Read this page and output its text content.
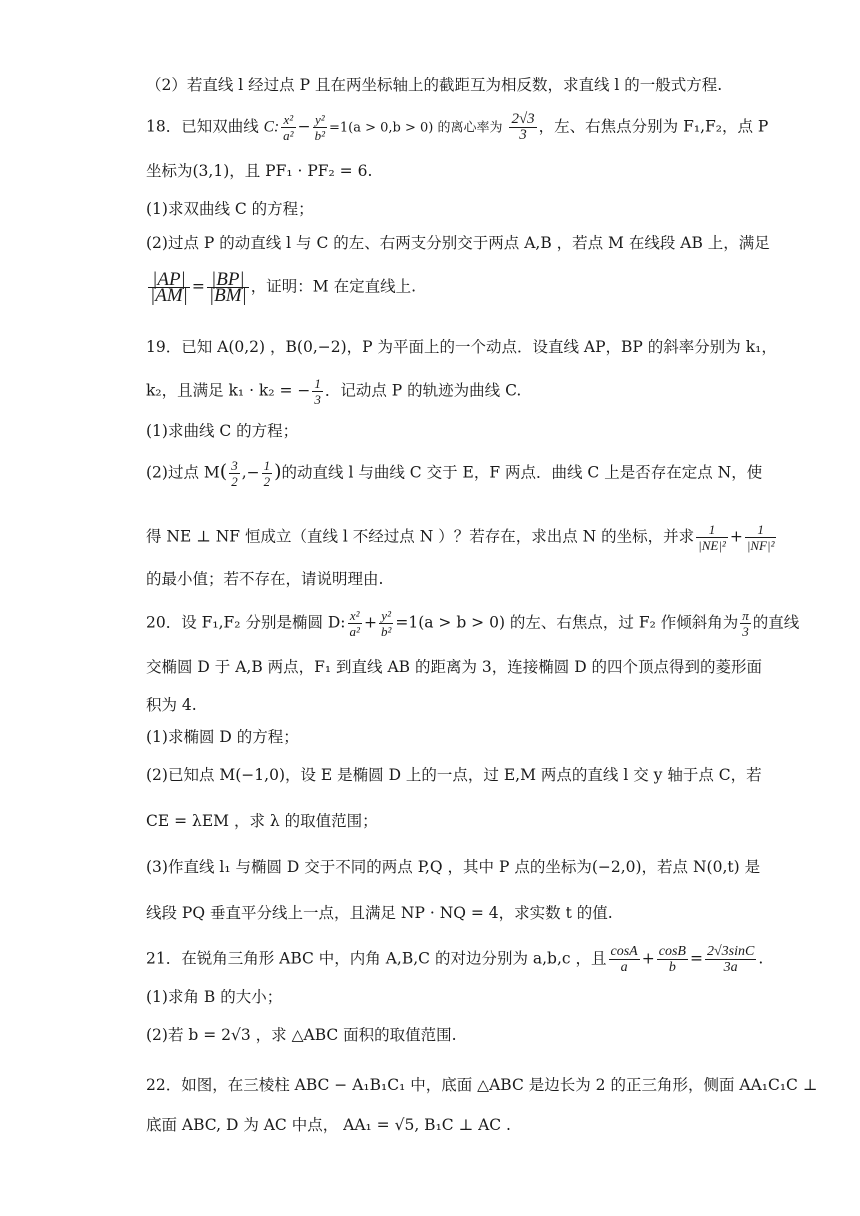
（2）若直线 l 经过点 P 且在两坐标轴上的截距互为相反数，求直线 l 的一般式方程.
18．已知双曲线 C: $\frac{\text{x²}}{\text{a²}} - \frac{\text{y²}}{\text{b²}} =1(a > 0,b > 0)$ 的离心率为 $\frac{2√3}{3}$ ，左、右焦点分别为 F₁,F₂，点 P
坐标为(3,1)，且 PF₁ · PF₂ = 6.
(1)求双曲线 C 的方程；
(2)过点 P 的动直线 l 与 C 的左、右两支分别交于两点 A,B ，若点 M 在线段 AB 上，满足
$\frac{|AP|}{|AM|} = \frac{|BP|}{|BM|}$ ，证明：M 在定直线上.
19．已知 A(0,2) ，B(0,−2)，P 为平面上的一个动点．设直线 AP，BP 的斜率分别为 k₁，
k₂，且满足 k₁ · k₂ = − $\frac{1}{3}$ ．记动点 P 的轨迹为曲线 C.
(1)求曲线 C 的方程；
(2)过点 $M( \frac{3}{2}$ ,− $\frac{1}{2}$ )的动直线 l 与曲线 C 交于 E，F 两点．曲线 C 上是否存在定点 N，使
得 NE ⊥ NF 恒成立（直线 l 不经过点 N ）？若存在，求出点 N 的坐标，并求 $\frac{1}{\text{|NE|²}} + \frac{1}{\text{|NF|²}}$
的最小值；若不存在，请说明理由.
20．设 F₁,F₂ 分别是椭圆 D: $\frac{\text{x²}}{\text{a²}} + \frac{\text{y²}}{\text{b²}} =1(a > b > 0)$ 的左、右焦点，过 F₂ 作倾斜角为 $\frac{\pi}{3}$ 的直线
交椭圆 D 于 A,B 两点，F₁ 到直线 AB 的距离为 3，连接椭圆 D 的四个顶点得到的菱形面
积为 4.
(1)求椭圆 D 的方程；
(2)已知点 M(−1,0)，设 E 是椭圆 D 上的一点，过 E,M 两点的直线 l 交 y 轴于点 C，若
CE = λEM ，求 λ 的取值范围；
(3)作直线 l₁ 与椭圆 D 交于不同的两点 P,Q ，其中 P 点的坐标为(−2,0)，若点 N(0,t) 是
线段 PQ 垂直平分线上一点，且满足 NP · NQ = 4，求实数 t 的值.
21．在锐角三角形 ABC 中，内角 A,B,C 的对边分别为 a,b,c ，且 $\frac{\cos A}{a} + \frac{\cos B}{b} = \frac{2√3\sin C}{3a}$ .
(1)求角 B 的大小；
(2)若 b = 2√3 ，求 △ABC 面积的取值范围.
22．如图，在三棱柱 ABC − A₁B₁C₁ 中，底面 △ABC 是边长为 2 的正三角形，侧面 AA₁C₁C ⊥
底面 ABC, D 为 AC 中点， AA₁ = √5, B₁C ⊥ AC .
